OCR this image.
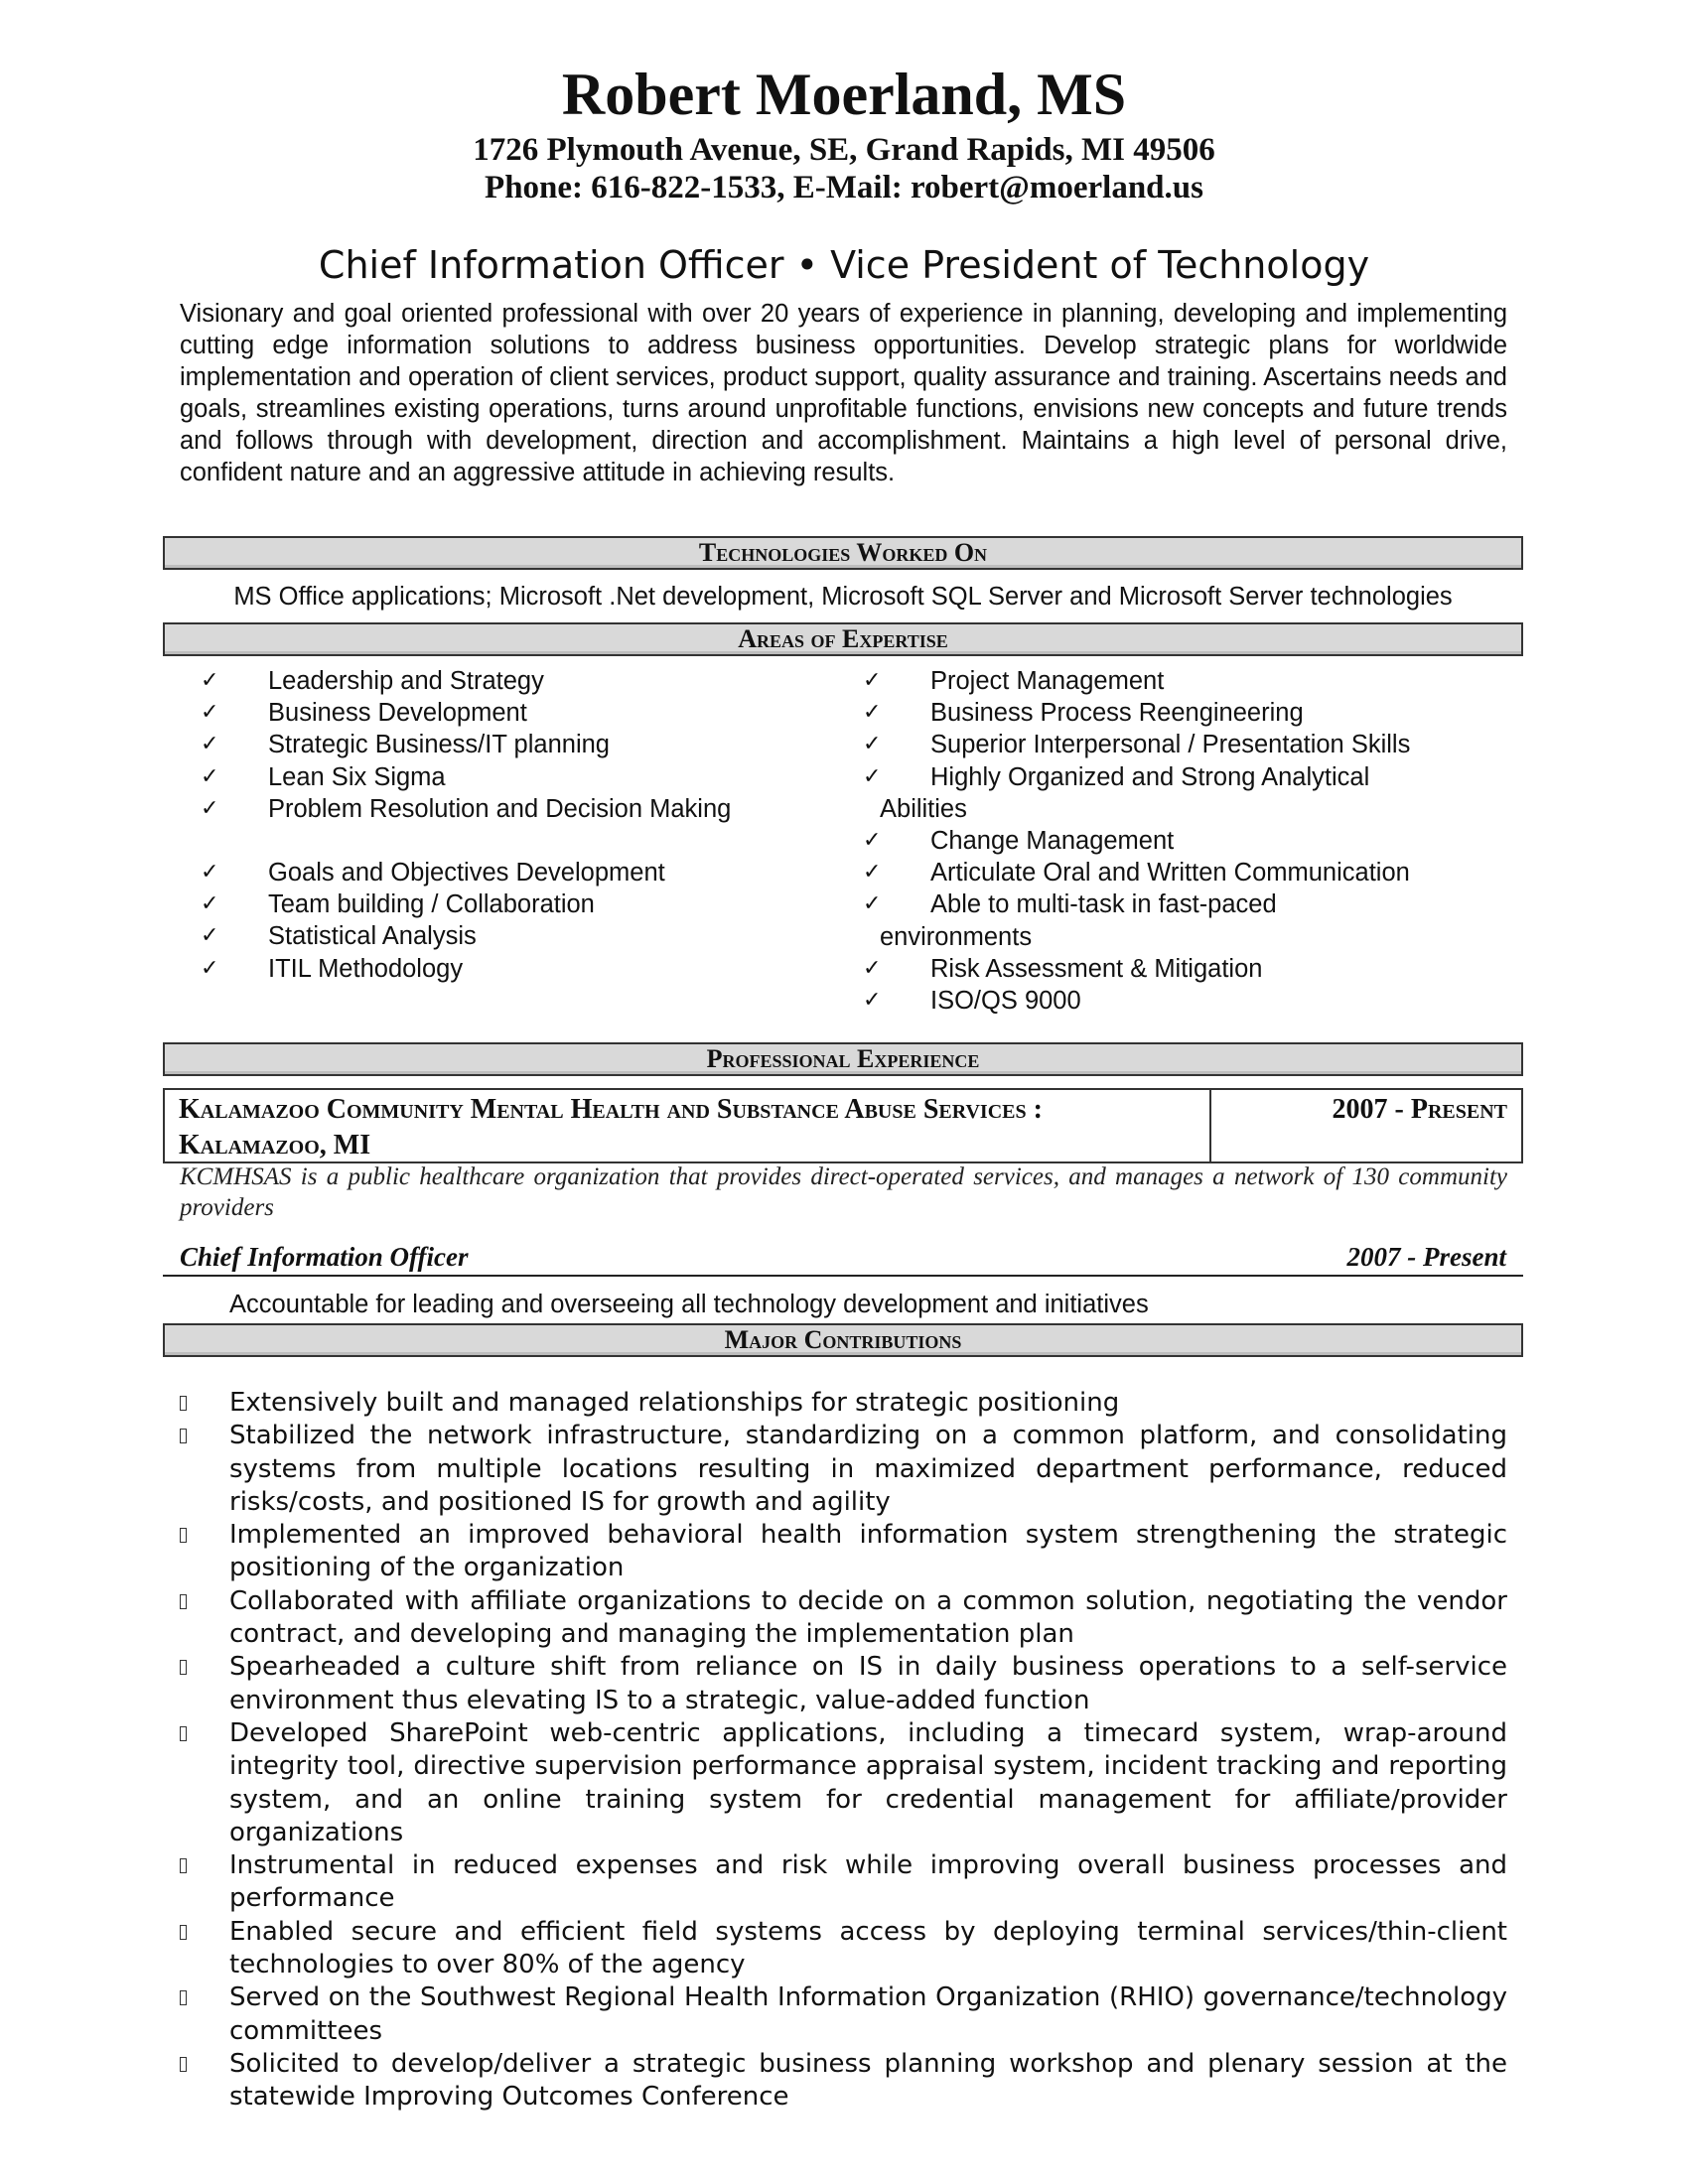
Robert Moerland, MS
1726 Plymouth Avenue, SE, Grand Rapids, MI 49506
Phone: 616-822-1533, E-Mail: robert@moerland.us
Chief Information Officer • Vice President of Technology
Visionary and goal oriented professional with over 20 years of experience in planning, developing and implementing cutting edge information solutions to address business opportunities. Develop strategic plans for worldwide implementation and operation of client services, product support, quality assurance and training. Ascertains needs and goals, streamlines existing operations, turns around unprofitable functions, envisions new concepts and future trends and follows through with development, direction and accomplishment. Maintains a high level of personal drive, confident nature and an aggressive attitude in achieving results.
Technologies Worked On
MS Office applications; Microsoft .Net development, Microsoft SQL Server and Microsoft Server technologies
Areas of Expertise
✓ Leadership and Strategy
✓ Business Development
✓ Strategic Business/IT planning
✓ Lean Six Sigma
✓ Problem Resolution and Decision Making
✓ Goals and Objectives Development
✓ Team building / Collaboration
✓ Statistical Analysis
✓ ITIL Methodology
✓ Project Management
✓ Business Process Reengineering
✓ Superior Interpersonal / Presentation Skills
✓ Highly Organized and Strong Analytical
Abilities
✓ Change Management
✓ Articulate Oral and Written Communication
✓ Able to multi-task in fast-paced
environments
✓ Risk Assessment & Mitigation
✓ ISO/QS 9000
Professional Experience
Kalamazoo Community Mental Health and Substance Abuse Services : Kalamazoo, MI
2007 - Present
KCMHSAS is a public healthcare organization that provides direct-operated services, and manages a network of 130 community providers
Chief Information Officer	2007 - Present
Accountable for leading and overseeing all technology development and initiatives
Major Contributions
Extensively built and managed relationships for strategic positioning
Stabilized the network infrastructure, standardizing on a common platform, and consolidating systems from multiple locations resulting in maximized department performance, reduced risks/costs, and positioned IS for growth and agility
Implemented an improved behavioral health information system strengthening the strategic positioning of the organization
Collaborated with affiliate organizations to decide on a common solution, negotiating the vendor contract, and developing and managing the implementation plan
Spearheaded a culture shift from reliance on IS in daily business operations to a self-service environment thus elevating IS to a strategic, value-added function
Developed SharePoint web-centric applications, including a timecard system, wrap-around integrity tool, directive supervision performance appraisal system, incident tracking and reporting system, and an online training system for credential management for affiliate/provider organizations
Instrumental in reduced expenses and risk while improving overall business processes and performance
Enabled secure and efficient field systems access by deploying terminal services/thin-client technologies to over 80% of the agency
Served on the Southwest Regional Health Information Organization (RHIO) governance/technology committees
Solicited to develop/deliver a strategic business planning workshop and plenary session at the statewide Improving Outcomes Conference
